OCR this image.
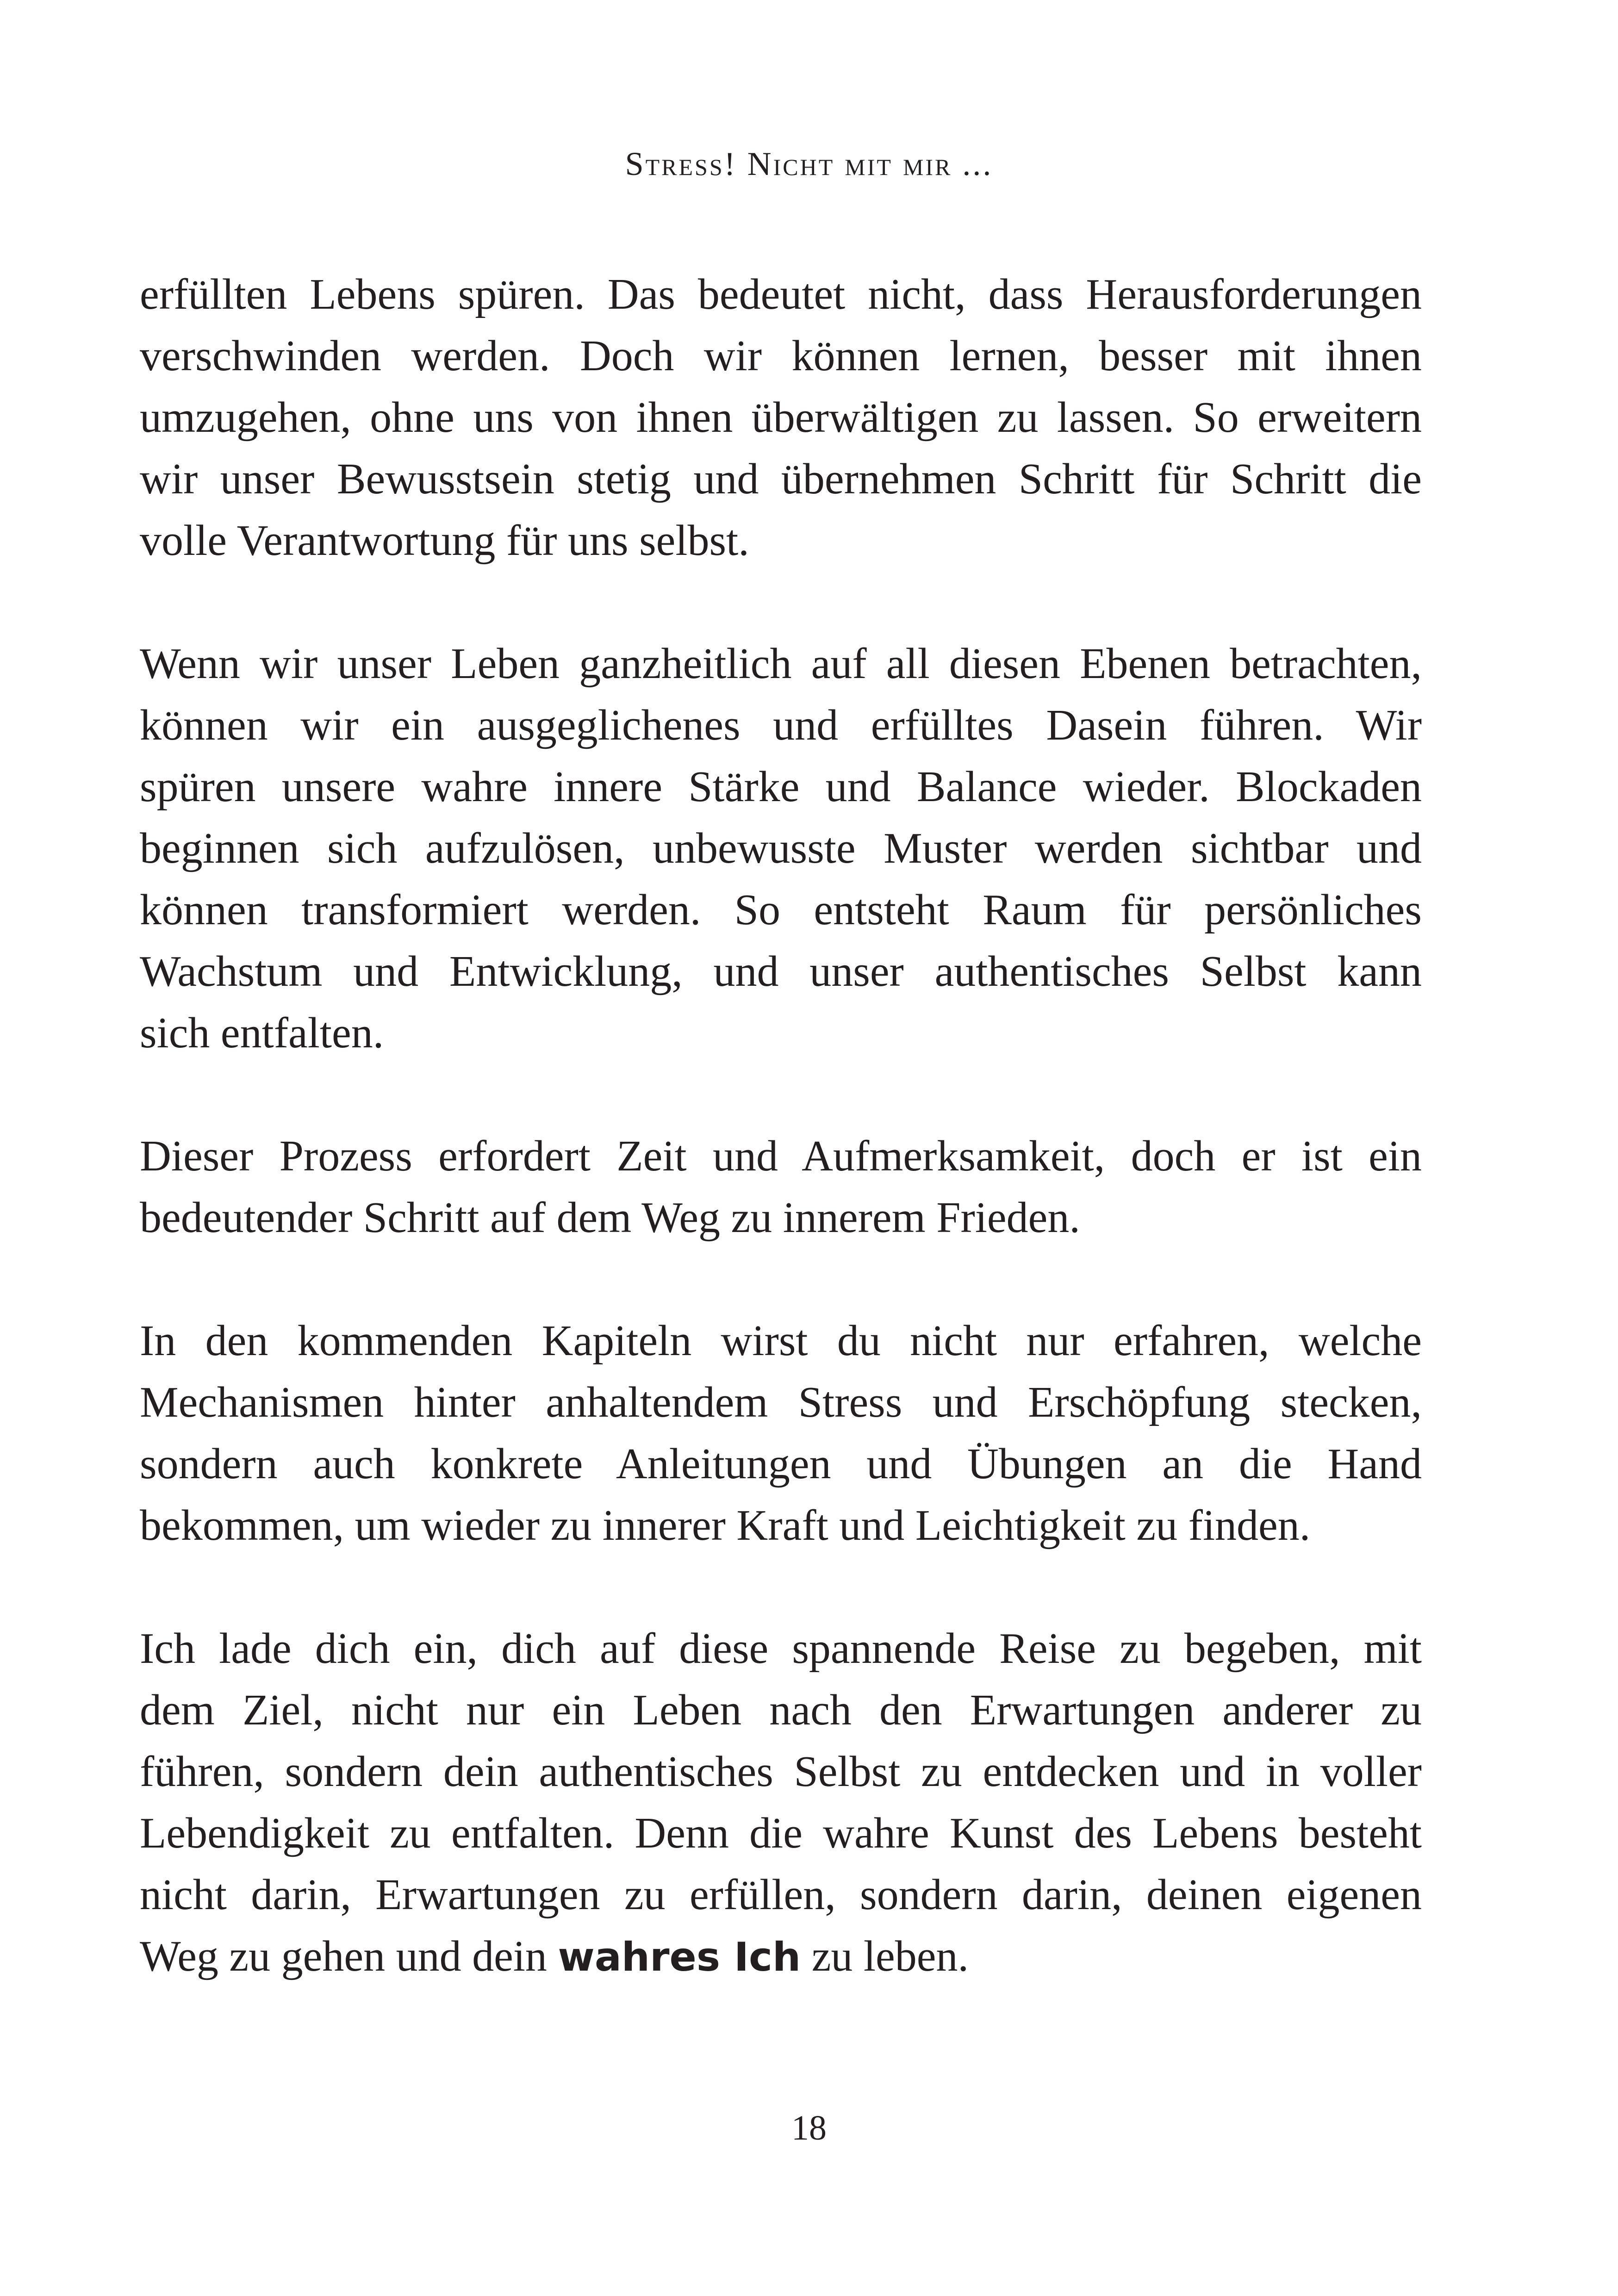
Stress! Nicht mit mir ...

erfüllten Lebens spüren. Das bedeutet nicht, dass Herausforderungen
verschwinden werden. Doch wir können lernen, besser mit ihnen
umzugehen, ohne uns von ihnen überwältigen zu lassen. So erweitern
wir unser Bewusstsein stetig und übernehmen Schritt für Schritt die
volle Verantwortung für uns selbst.

Wenn wir unser Leben ganzheitlich auf all diesen Ebenen betrachten,
können wir ein ausgeglichenes und erfülltes Dasein führen. Wir
spüren unsere wahre innere Stärke und Balance wieder. Blockaden
beginnen sich aufzulösen, unbewusste Muster werden sichtbar und
können transformiert werden. So entsteht Raum für persönliches
Wachstum und Entwicklung, und unser authentisches Selbst kann
sich entfalten.

Dieser Prozess erfordert Zeit und Aufmerksamkeit, doch er ist ein
bedeutender Schritt auf dem Weg zu innerem Frieden.

In den kommenden Kapiteln wirst du nicht nur erfahren, welche
Mechanismen hinter anhaltendem Stress und Erschöpfung stecken,
sondern auch konkrete Anleitungen und Übungen an die Hand
bekommen, um wieder zu innerer Kraft und Leichtigkeit zu finden.

Ich lade dich ein, dich auf diese spannende Reise zu begeben, mit
dem Ziel, nicht nur ein Leben nach den Erwartungen anderer zu
führen, sondern dein authentisches Selbst zu entdecken und in voller
Lebendigkeit zu entfalten. Denn die wahre Kunst des Lebens besteht
nicht darin, Erwartungen zu erfüllen, sondern darin, deinen eigenen
Weg zu gehen und dein wahres Ich zu leben.

18
